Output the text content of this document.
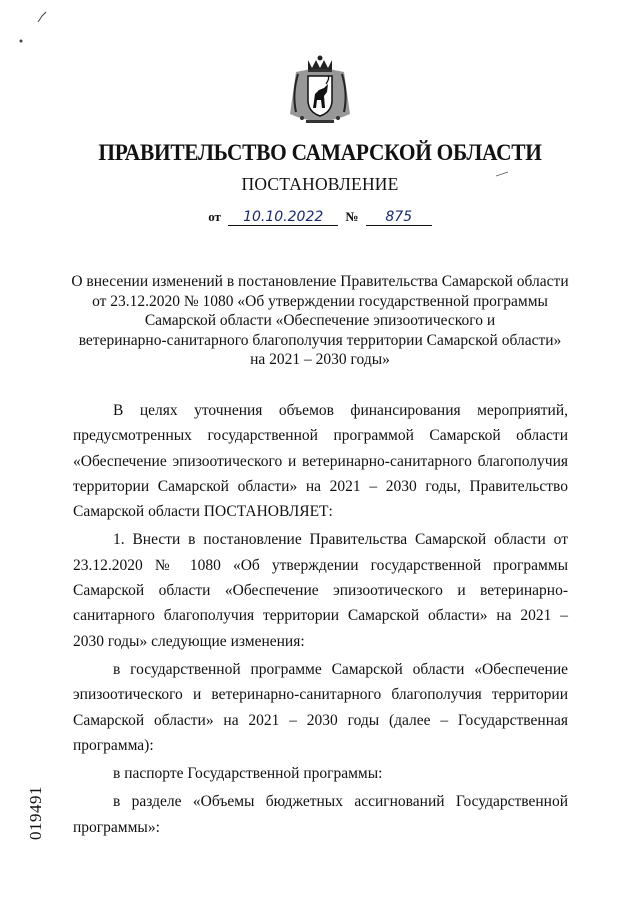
ПРАВИТЕЛЬСТВО САМАРСКОЙ ОБЛАСТИ
ПОСТАНОВЛЕНИЕ
от 10.10.2022 № 875
О внесении изменений в постановление Правительства Самарской области
от 23.12.2020 № 1080 «Об утверждении государственной программы
Самарской области «Обеспечение эпизоотического и
ветеринарно-санитарного благополучия территории Самарской области»
на 2021 – 2030 годы»

В целях уточнения объемов финансирования мероприятий, предусмотренных государственной программой Самарской области «Обеспечение эпизоотического и ветеринарно-санитарного благополучия территории Самарской области» на 2021 – 2030 годы, Правительство Самарской области ПОСТАНОВЛЯЕТ:

1. Внести в постановление Правительства Самарской области от 23.12.2020 № 1080 «Об утверждении государственной программы Самарской области «Обеспечение эпизоотического и ветеринарно-санитарного благополучия территории Самарской области» на 2021 – 2030 годы» следующие изменения:

в государственной программе Самарской области «Обеспечение эпизоотического и ветеринарно-санитарного благополучия территории Самарской области» на 2021 – 2030 годы (далее – Государственная программа):

в паспорте Государственной программы:

в разделе «Объемы бюджетных ассигнований Государственной программы»:

019491
